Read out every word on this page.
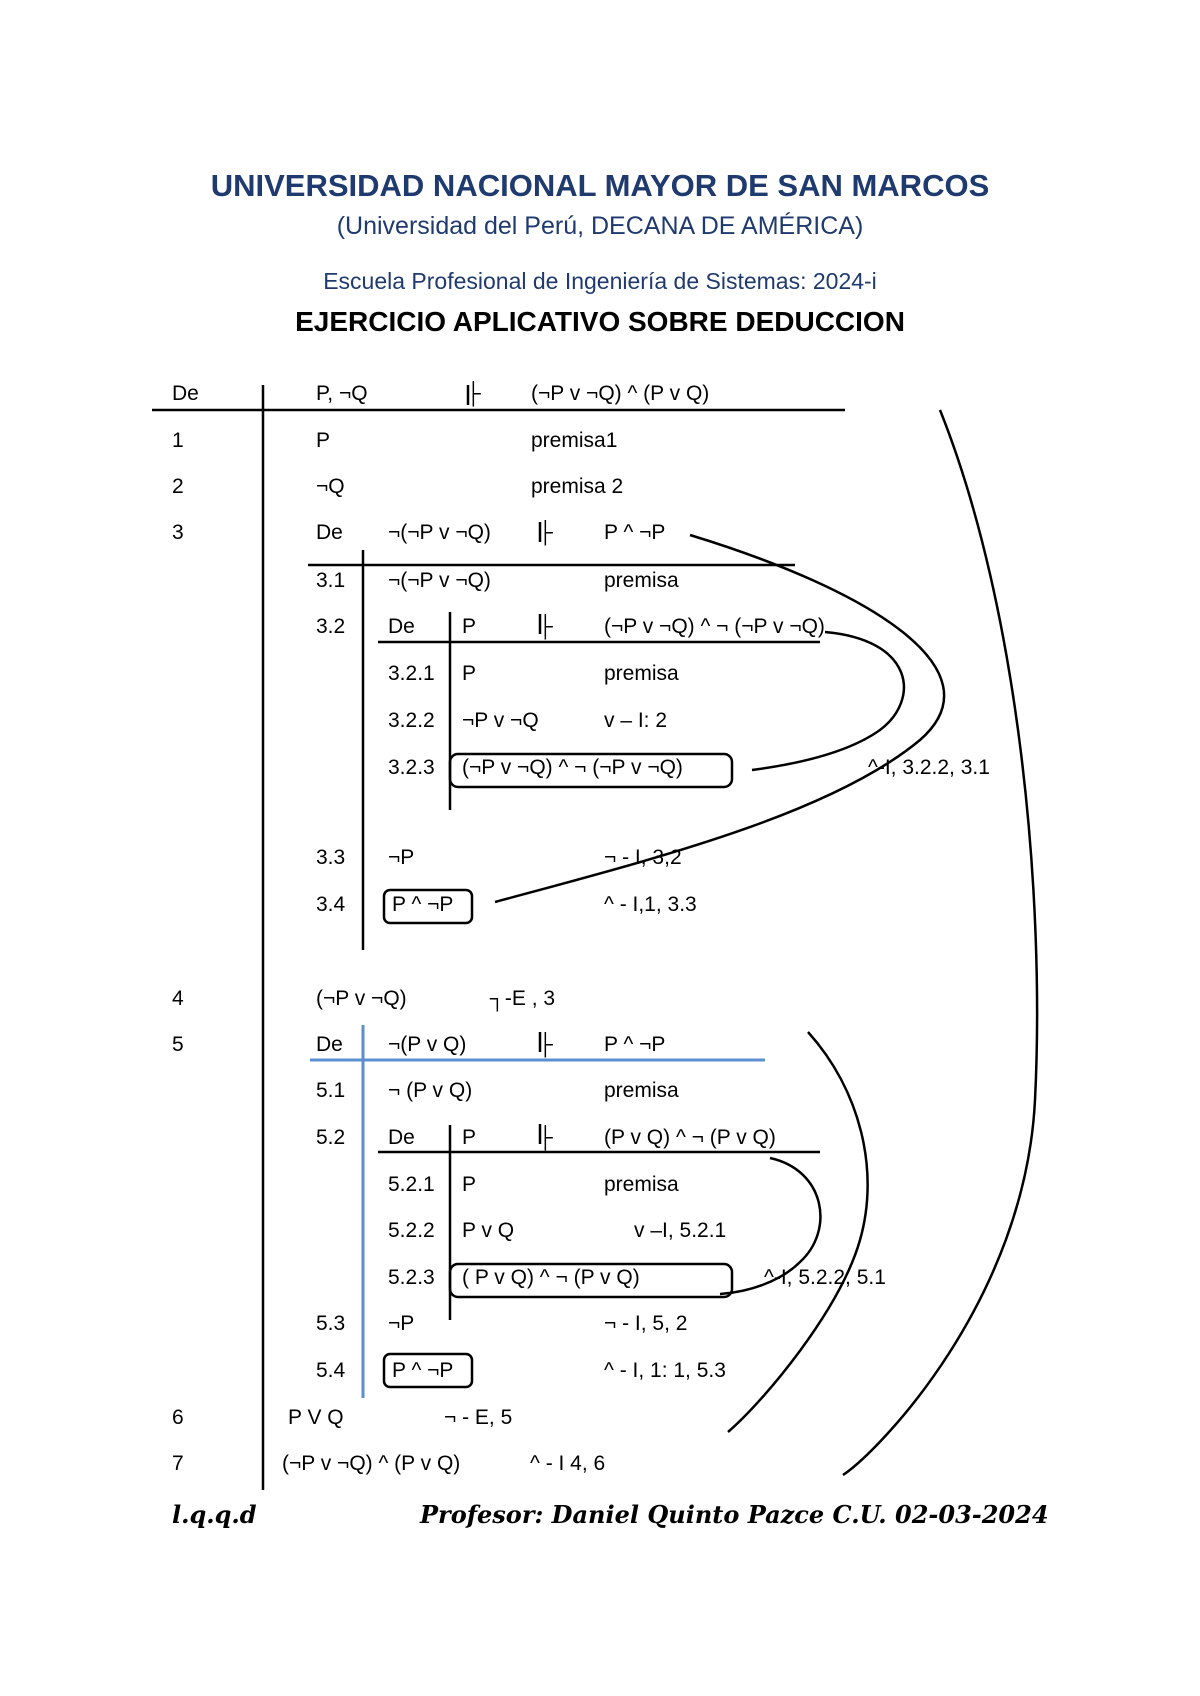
UNIVERSIDAD NACIONAL MAYOR DE SAN MARCOS
(Universidad del Perú, DECANA DE AMÉRICA)
Escuela Profesional de Ingeniería de Sistemas: 2024-i
EJERCICIO APLICATIVO SOBRE DEDUCCION
De	P, ¬Q	(¬P v ¬Q) ^ (P v Q)
1	P	premisa1
2	¬Q	premisa 2
3	De ¬(¬P v ¬Q)	P ^ ¬P
3.1 ¬(¬P v ¬Q)	premisa
3.2 De P	(¬P v ¬Q) ^ ¬ (¬P v ¬Q)
3.2.1 P	premisa
3.2.2 ¬P v ¬Q	v – I: 2
3.2.3 (¬P v ¬Q) ^ ¬ (¬P v ¬Q)	^-I, 3.2.2, 3.1
3.3 ¬P	¬ - I, 3,2
3.4 P ^ ¬P	^ - I,1, 3.3
4	(¬P v ¬Q)	┐-E , 3
5	De ¬(P v Q)	P ^ ¬P
5.1 ¬ (P v Q)	premisa
5.2 De P	(P v Q) ^ ¬ (P v Q)
5.2.1 P	premisa
5.2.2 P v Q	v –I, 5.2.1
5.2.3 ( P v Q) ^ ¬ (P v Q)	^-I, 5.2.2, 5.1
5.3 ¬P	¬ - I, 5, 2
5.4 P ^ ¬P	^ - I, 1: 1, 5.3
6	P V Q	¬ - E, 5
7	(¬P v ¬Q) ^ (P v Q)	^ - I 4, 6
l.q.q.d	Profesor: Daniel Quinto Pazce C.U. 02-03-2024
├
├
├
├
├
